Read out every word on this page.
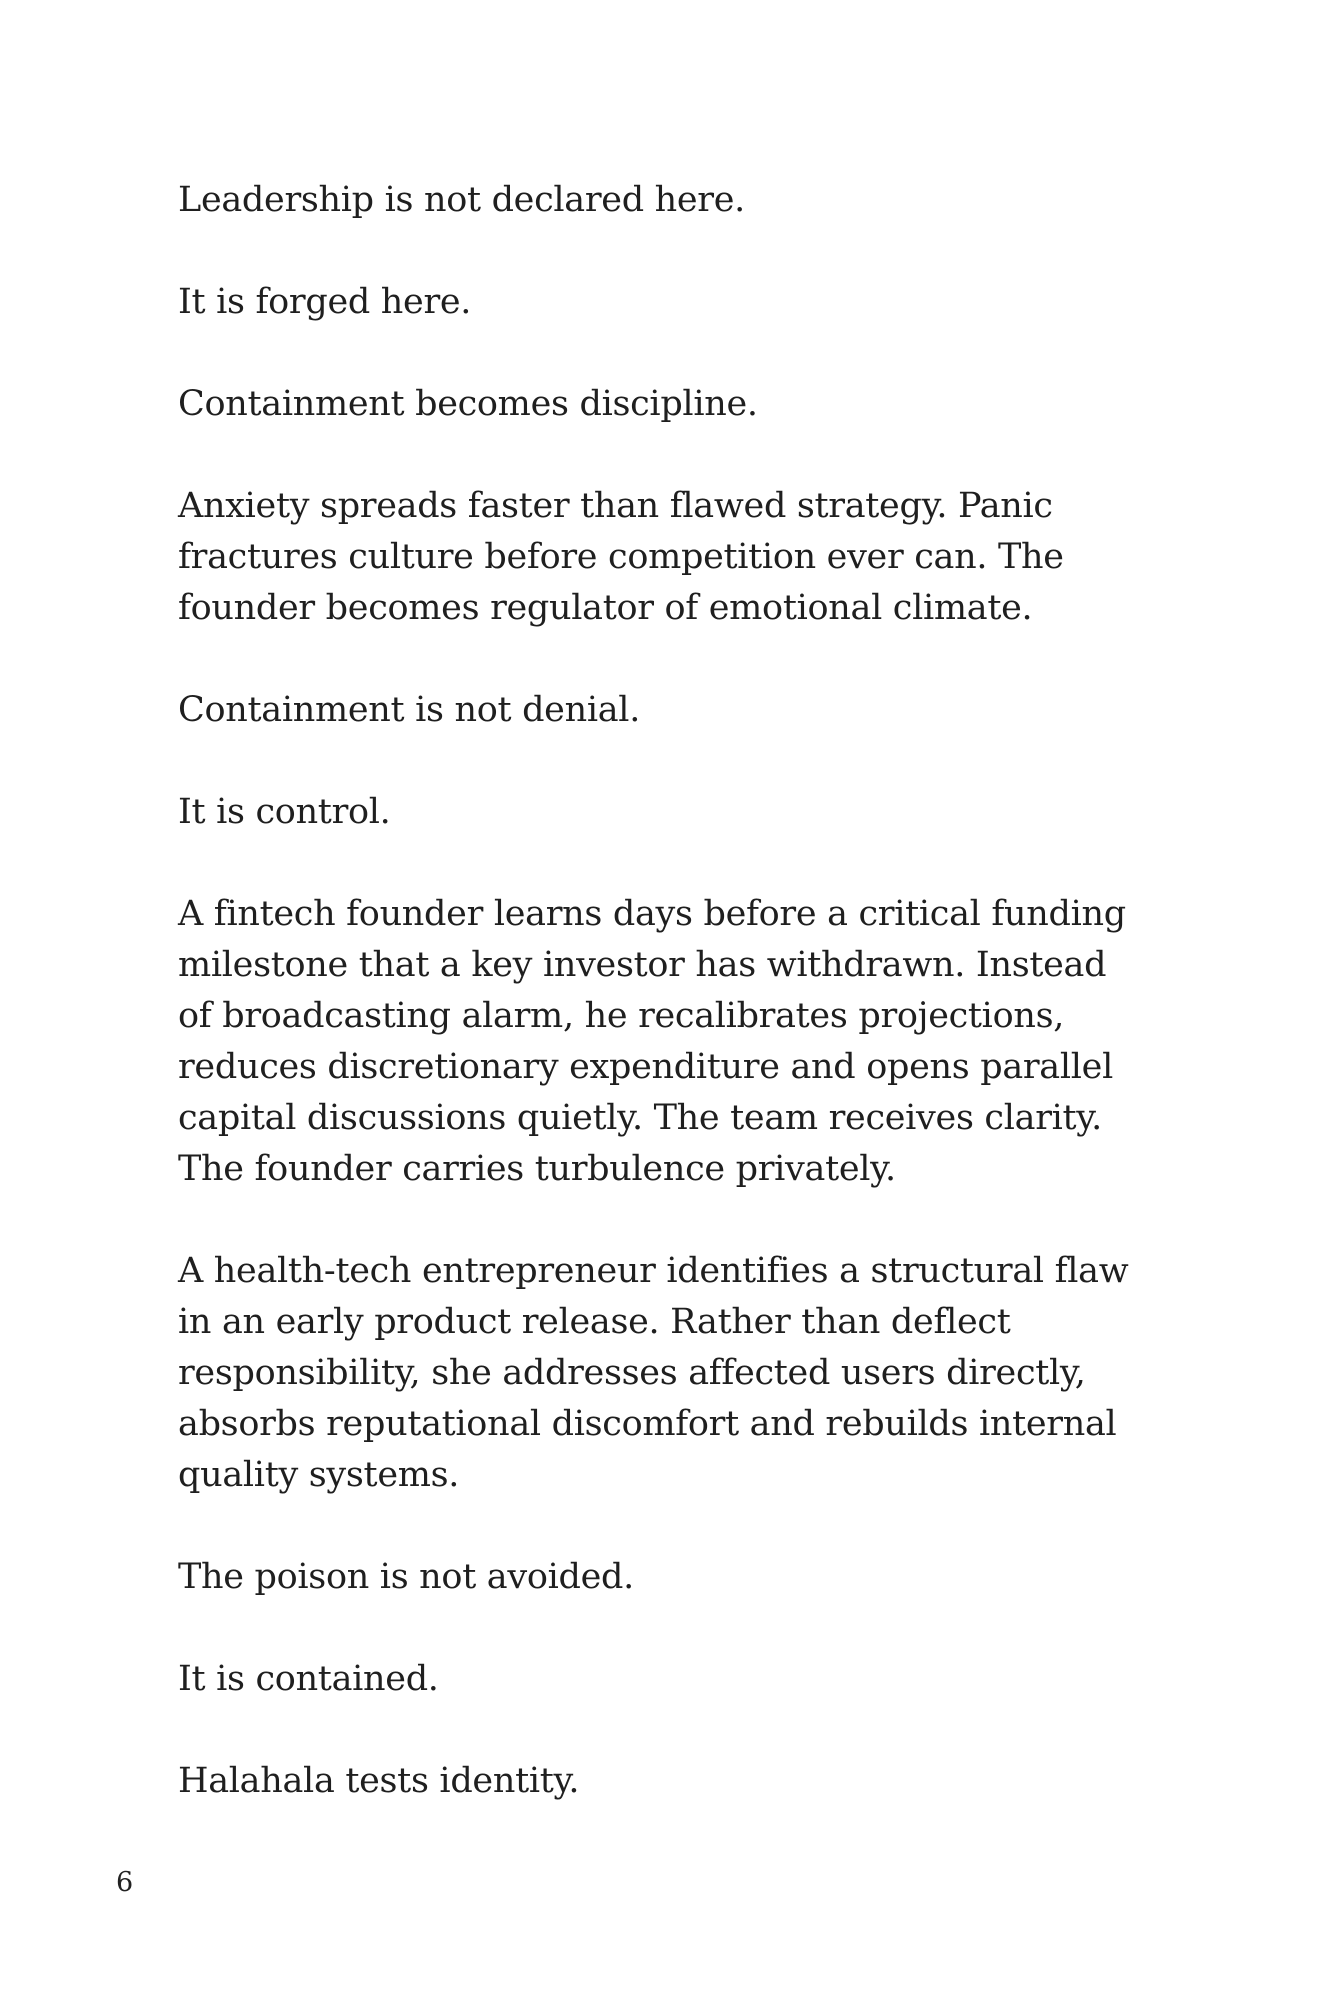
Leadership is not declared here.

It is forged here.

Containment becomes discipline.

Anxiety spreads faster than flawed strategy. Panic fractures culture before competition ever can. The founder becomes regulator of emotional climate.

Containment is not denial.

It is control.

A fintech founder learns days before a critical funding milestone that a key investor has withdrawn. Instead of broadcasting alarm, he recalibrates projections, reduces discretionary expenditure and opens parallel capital discussions quietly. The team receives clarity. The founder carries turbulence privately.

A health-tech entrepreneur identifies a structural flaw in an early product release. Rather than deflect responsibility, she addresses affected users directly, absorbs reputational discomfort and rebuilds internal quality systems.

The poison is not avoided.

It is contained.

Halahala tests identity.

6
